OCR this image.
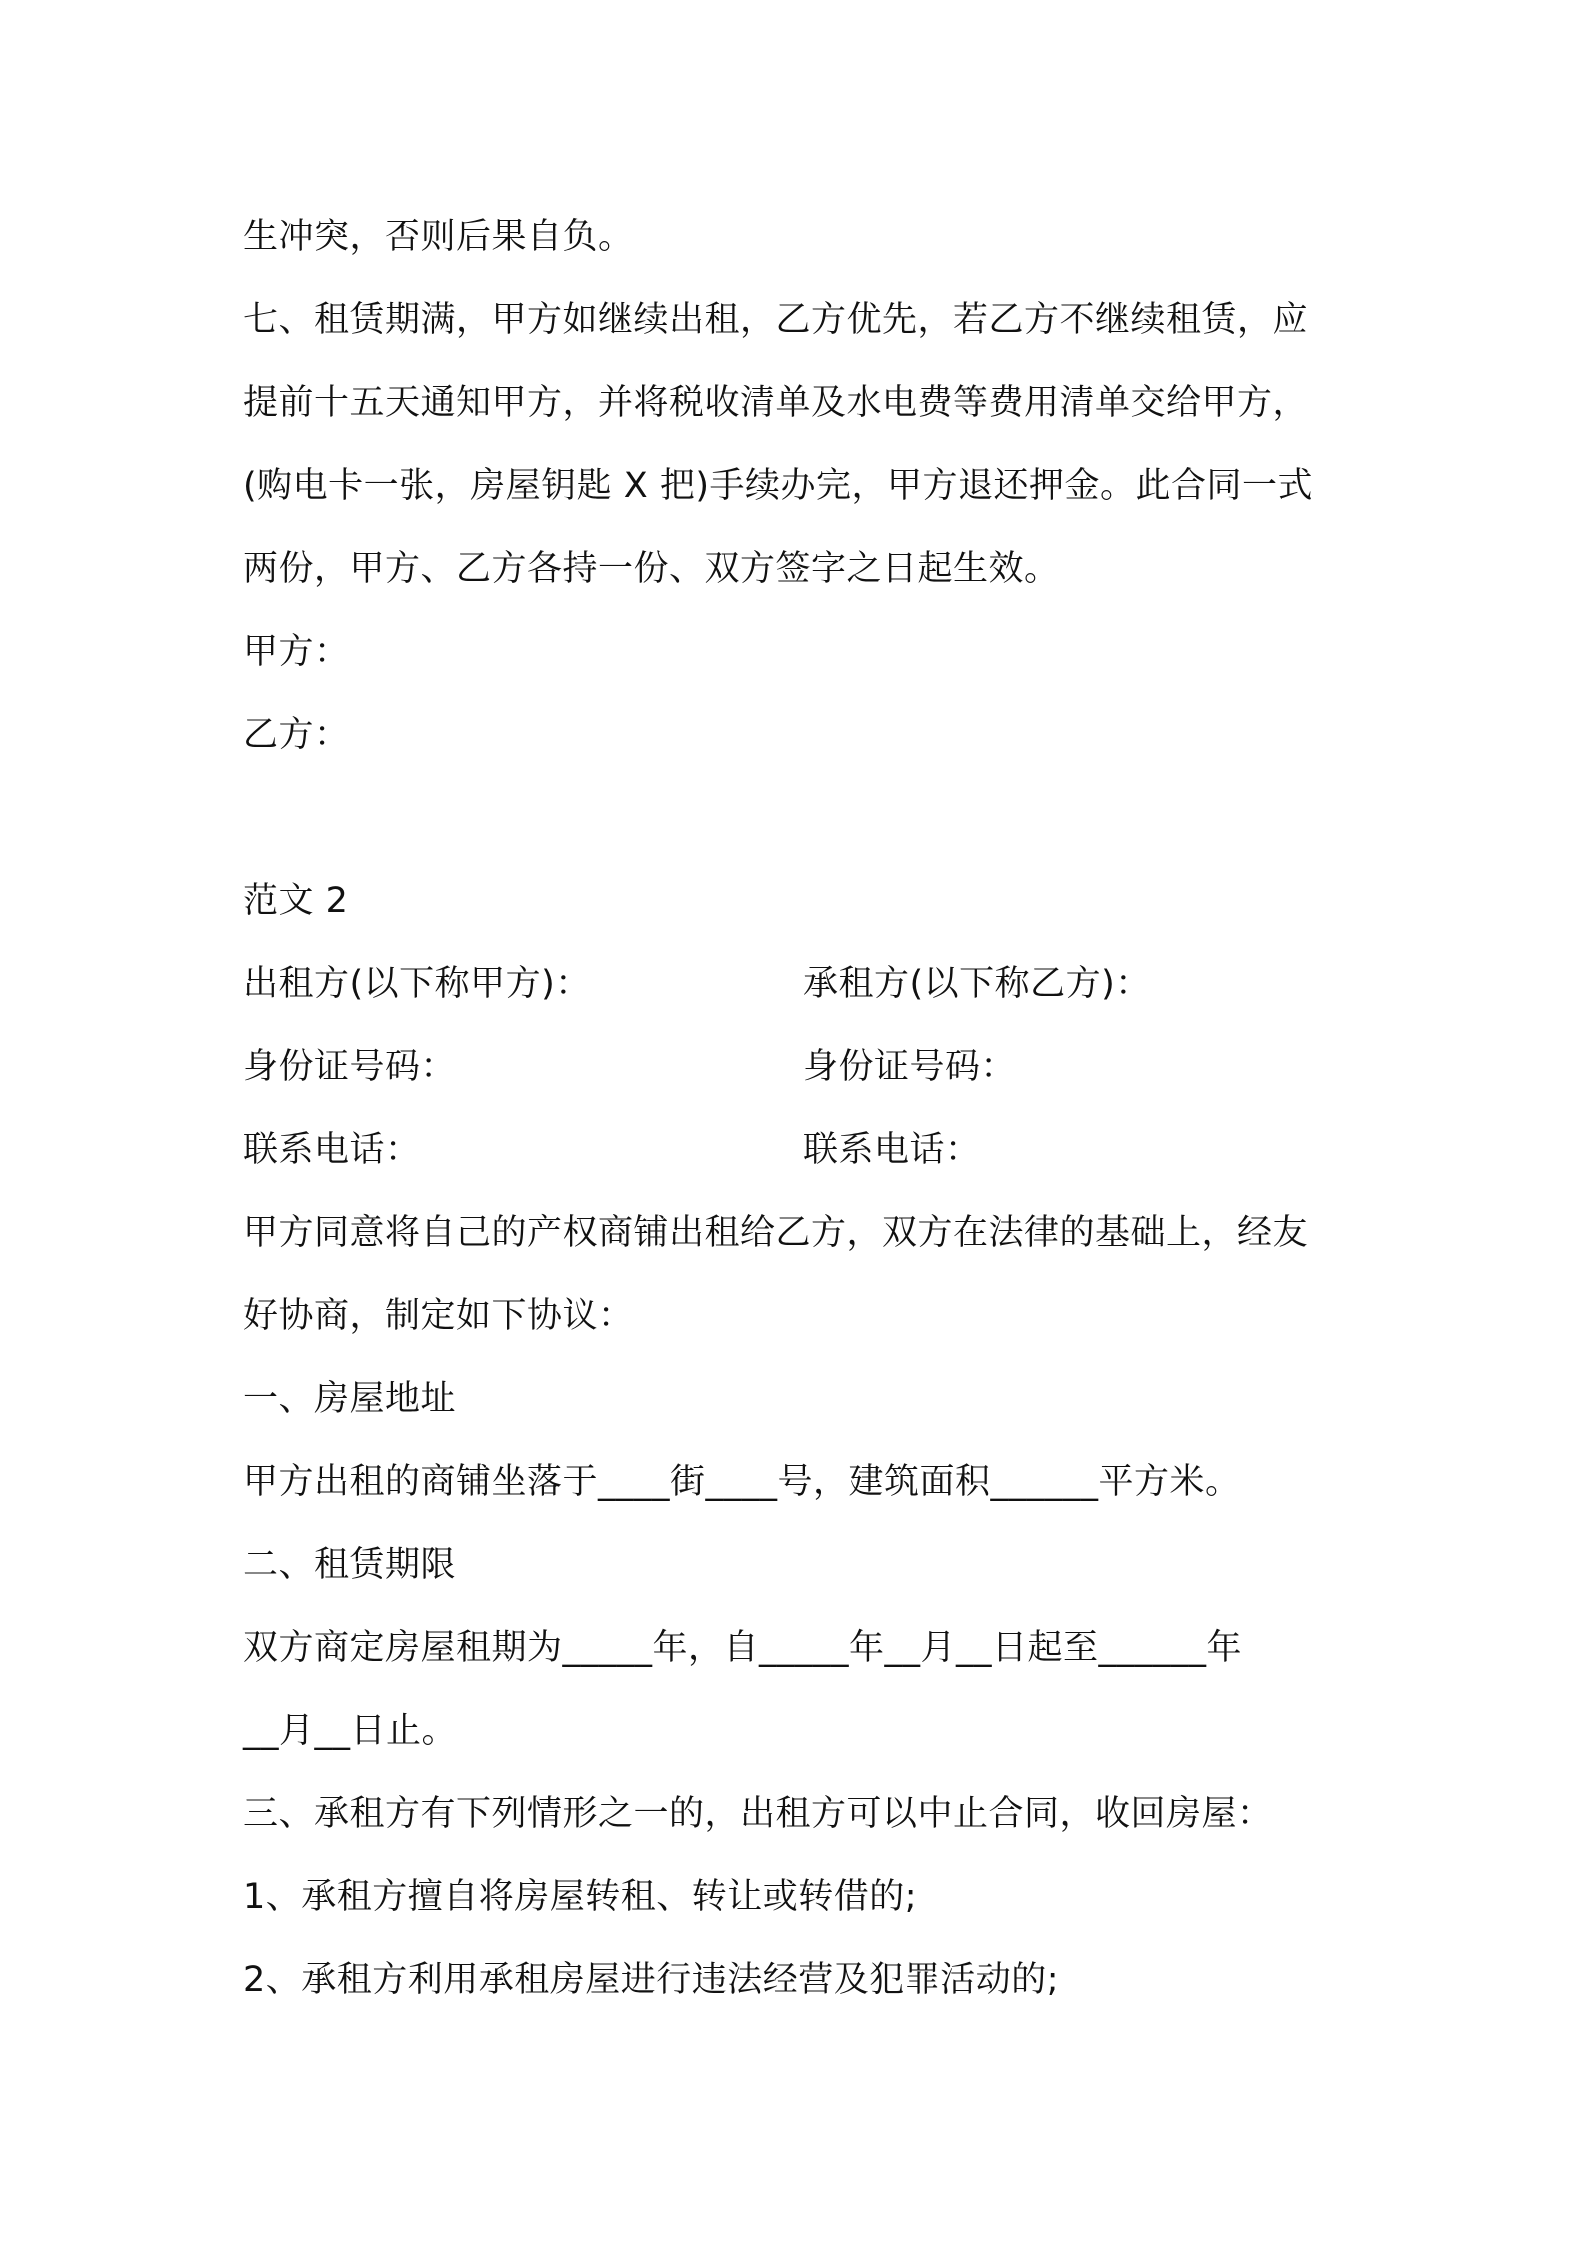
生冲突，否则后果自负。
七、租赁期满，甲方如继续出租，乙方优先，若乙方不继续租赁，应
提前十五天通知甲方，并将税收清单及水电费等费用清单交给甲方，
(购电卡一张，房屋钥匙 X 把)手续办完，甲方退还押金。此合同一式
两份，甲方、乙方各持一份、双方签字之日起生效。
甲方：
乙方：
范文 2
出租方(以下称甲方)：	承租方(以下称乙方)：
身份证号码：	身份证号码：
联系电话：	联系电话：
甲方同意将自己的产权商铺出租给乙方，双方在法律的基础上，经友
好协商，制定如下协议：
一、房屋地址
甲方出租的商铺坐落于____街____号，建筑面积______平方米。
二、租赁期限
双方商定房屋租期为_____年，自_____年__月__日起至______年
__月__日止。
三、承租方有下列情形之一的，出租方可以中止合同，收回房屋：
1、承租方擅自将房屋转租、转让或转借的;
2、承租方利用承租房屋进行违法经营及犯罪活动的;
